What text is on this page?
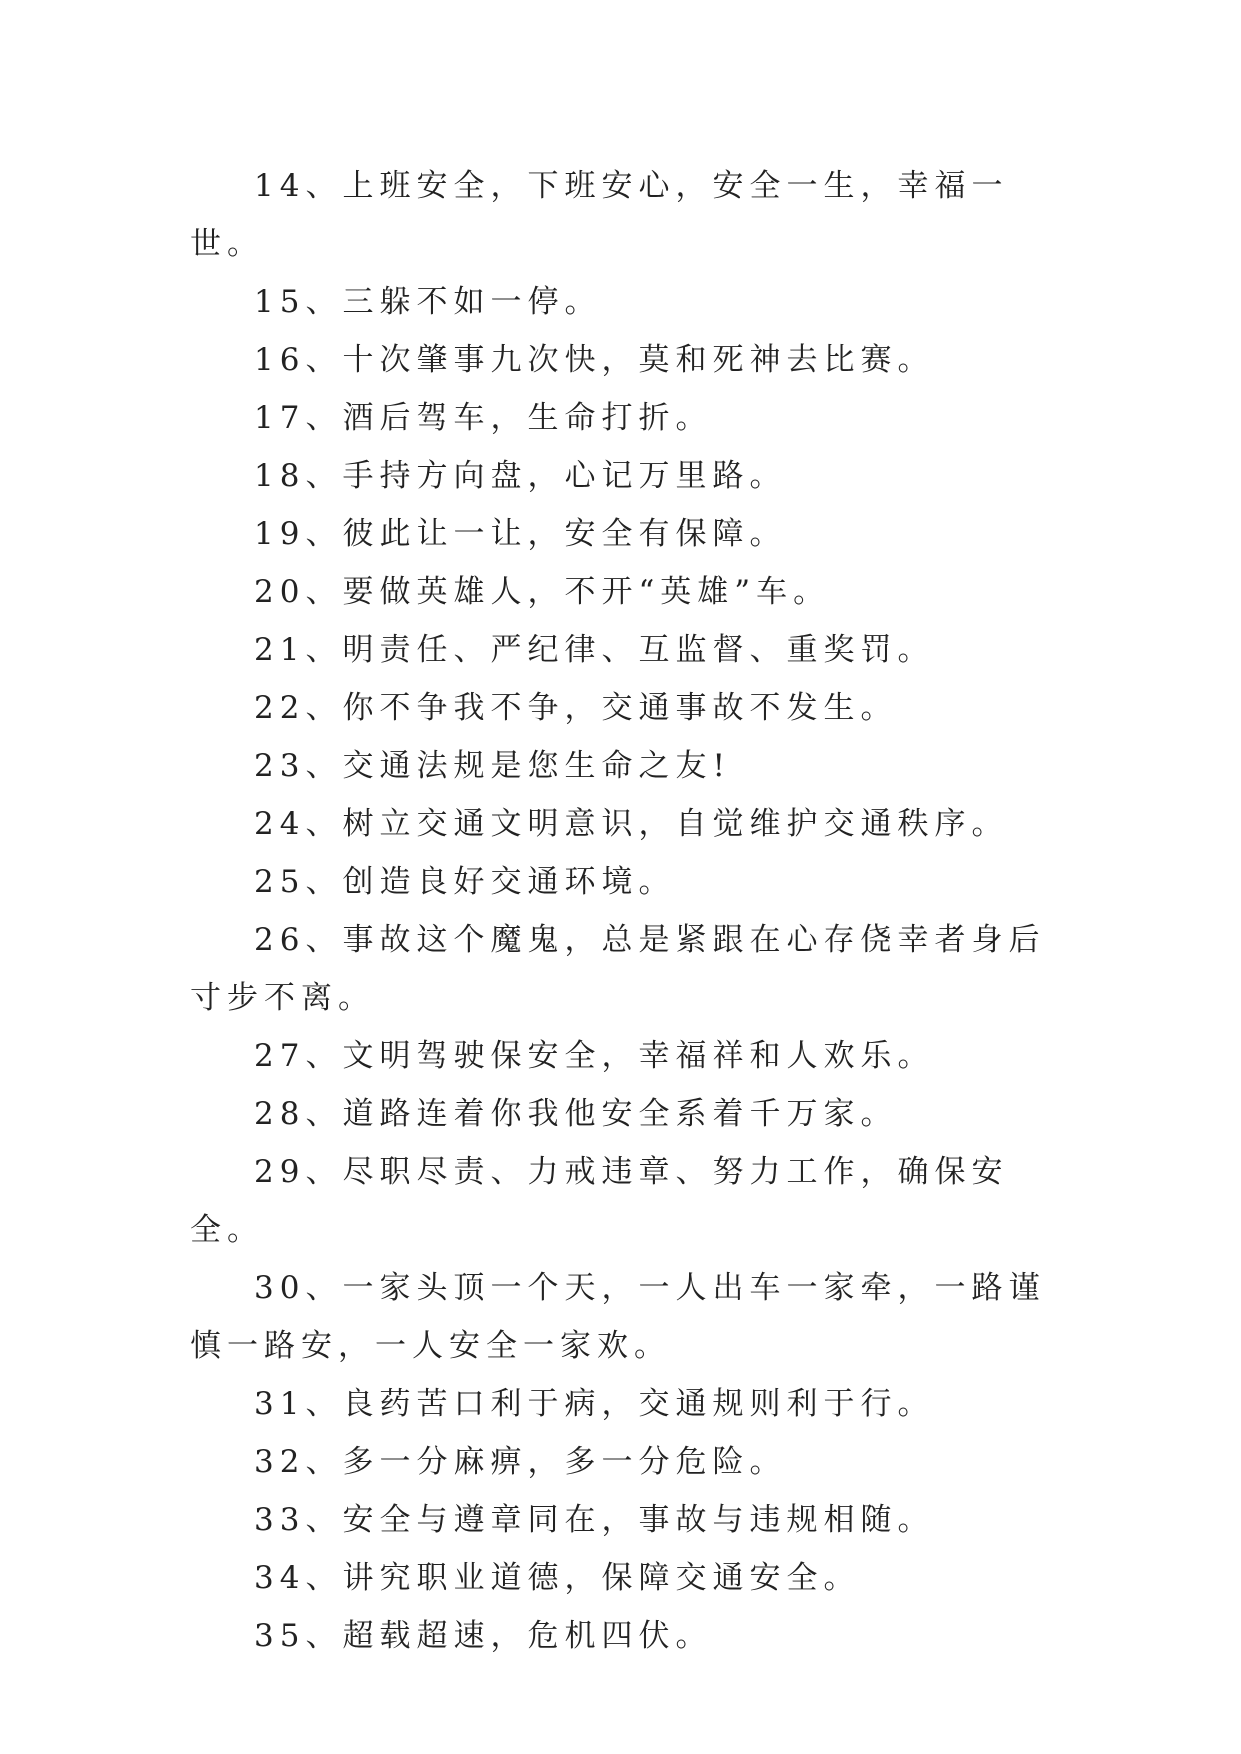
14、上班安全，下班安心，安全一生，幸福一世。

15、三躲不如一停。

16、十次肇事九次快，莫和死神去比赛。

17、酒后驾车，生命打折。

18、手持方向盘，心记万里路。

19、彼此让一让，安全有保障。

20、要做英雄人，不开“英雄”车。

21、明责任、严纪律、互监督、重奖罚。

22、你不争我不争，交通事故不发生。

23、交通法规是您生命之友!

24、树立交通文明意识，自觉维护交通秩序。

25、创造良好交通环境。

26、事故这个魔鬼，总是紧跟在心存侥幸者身后寸步不离。

27、文明驾驶保安全，幸福祥和人欢乐。

28、道路连着你我他安全系着千万家。

29、尽职尽责、力戒违章、努力工作，确保安全。

30、一家头顶一个天，一人出车一家牵，一路谨慎一路安，一人安全一家欢。

31、良药苦口利于病，交通规则利于行。

32、多一分麻痹，多一分危险。

33、安全与遵章同在，事故与违规相随。

34、讲究职业道德，保障交通安全。

35、超载超速，危机四伏。
